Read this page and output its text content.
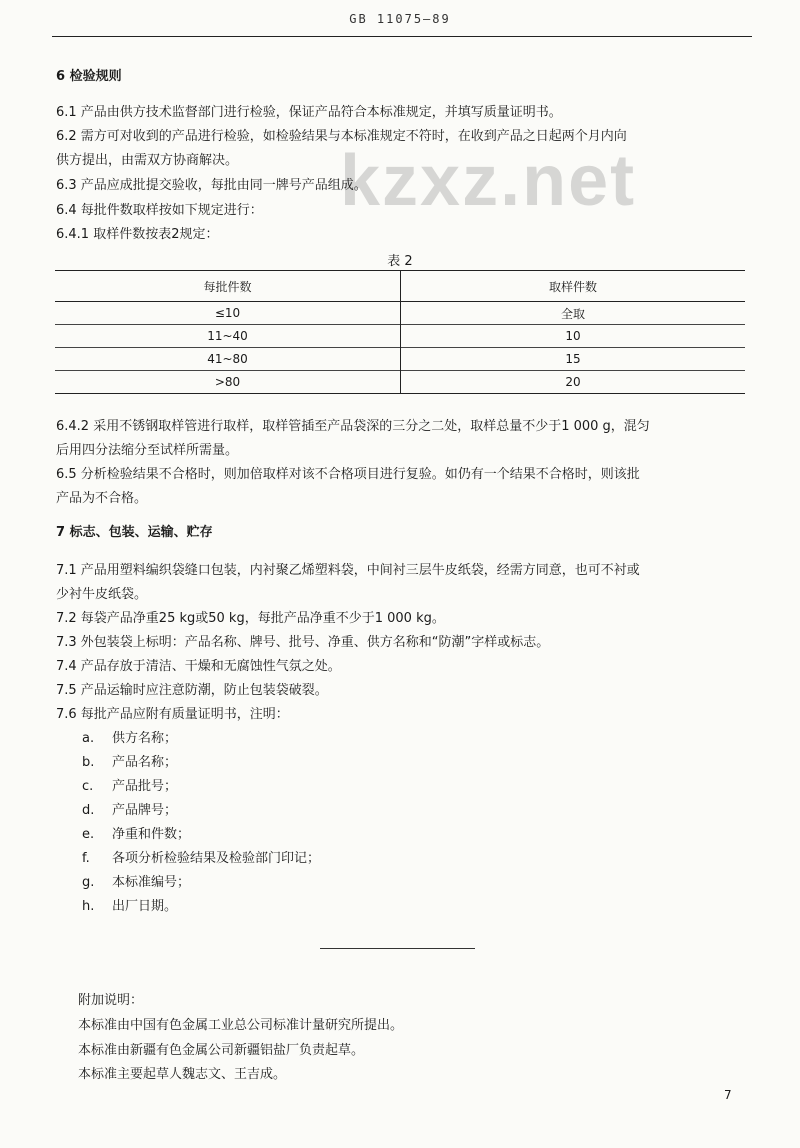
GB 11075—89
kzxz.net
6 检验规则
6.1 产品由供方技术监督部门进行检验，保证产品符合本标准规定，并填写质量证明书。
6.2 需方可对收到的产品进行检验，如检验结果与本标准规定不符时，在收到产品之日起两个月内向
供方提出，由需双方协商解决。
6.3 产品应成批提交验收，每批由同一牌号产品组成。
6.4 每批件数取样按如下规定进行：
6.4.1 取样件数按表2规定：
表 2
每批件数	取样件数
≤10	全取
11~40	10
41~80	15
>80	20
6.4.2 采用不锈钢取样管进行取样，取样管插至产品袋深的三分之二处，取样总量不少于1 000 g，混匀
后用四分法缩分至试样所需量。
6.5 分析检验结果不合格时，则加倍取样对该不合格项目进行复验。如仍有一个结果不合格时，则该批
产品为不合格。
7 标志、包装、运输、贮存
7.1 产品用塑料编织袋缝口包装，内衬聚乙烯塑料袋，中间衬三层牛皮纸袋，经需方同意，也可不衬或
少衬牛皮纸袋。
7.2 每袋产品净重25 kg或50 kg，每批产品净重不少于1 000 kg。
7.3 外包装袋上标明：产品名称、牌号、批号、净重、供方名称和“防潮”字样或标志。
7.4 产品存放于清洁、干燥和无腐蚀性气氛之处。
7.5 产品运输时应注意防潮，防止包装袋破裂。
7.6 每批产品应附有质量证明书，注明：
a. 供方名称；
b. 产品名称；
c. 产品批号；
d. 产品牌号；
e. 净重和件数；
f. 各项分析检验结果及检验部门印记；
g. 本标准编号；
h. 出厂日期。
附加说明：
本标准由中国有色金属工业总公司标准计量研究所提出。
本标准由新疆有色金属公司新疆铝盐厂负责起草。
本标准主要起草人魏志文、王吉成。
7
